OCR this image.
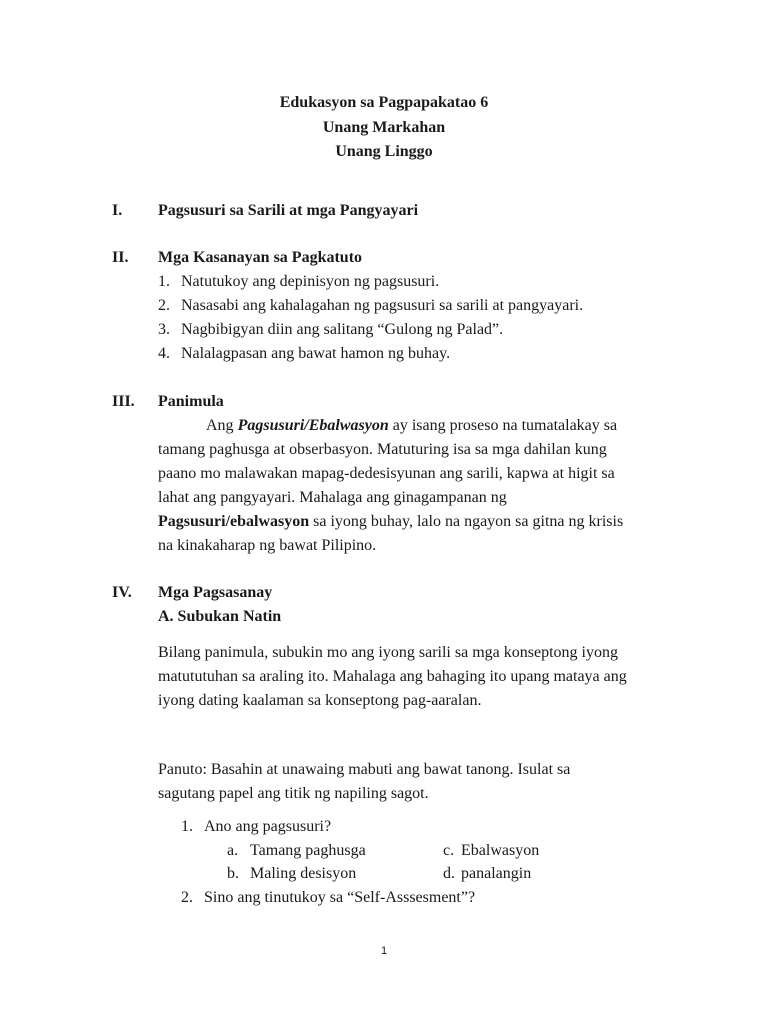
Edukasyon sa Pagpapakatao 6
Unang Markahan
Unang Linggo
I. Pagsusuri sa Sarili at mga Pangyayari
II. Mga Kasanayan sa Pagkatuto
1. Natutukoy ang depinisyon ng pagsusuri.
2. Nasasabi ang kahalagahan ng pagsusuri sa sarili at pangyayari.
3. Nagbibigyan diin ang salitang “Gulong ng Palad”.
4. Nalalagpasan ang bawat hamon ng buhay.
III. Panimula
Ang Pagsusuri/Ebalwasyon ay isang proseso na tumatalakay sa
tamang paghusga at obserbasyon. Matuturing isa sa mga dahilan kung
paano mo malawakan mapag-dedesisyunan ang sarili, kapwa at higit sa
lahat ang pangyayari. Mahalaga ang ginagampanan ng
Pagsusuri/ebalwasyon sa iyong buhay, lalo na ngayon sa gitna ng krisis
na kinakaharap ng bawat Pilipino.
IV. Mga Pagsasanay
A. Subukan Natin
Bilang panimula, subukin mo ang iyong sarili sa mga konseptong iyong
matututuhan sa araling ito. Mahalaga ang bahaging ito upang mataya ang
iyong dating kaalaman sa konseptong pag-aaralan.
Panuto: Basahin at unawaing mabuti ang bawat tanong. Isulat sa
sagutang papel ang titik ng napiling sagot.
1. Ano ang pagsusuri?
a. Tamang paghusga	c. Ebalwasyon
b. Maling desisyon	d. panalangin
2. Sino ang tinutukoy sa “Self-Asssesment”?
1
